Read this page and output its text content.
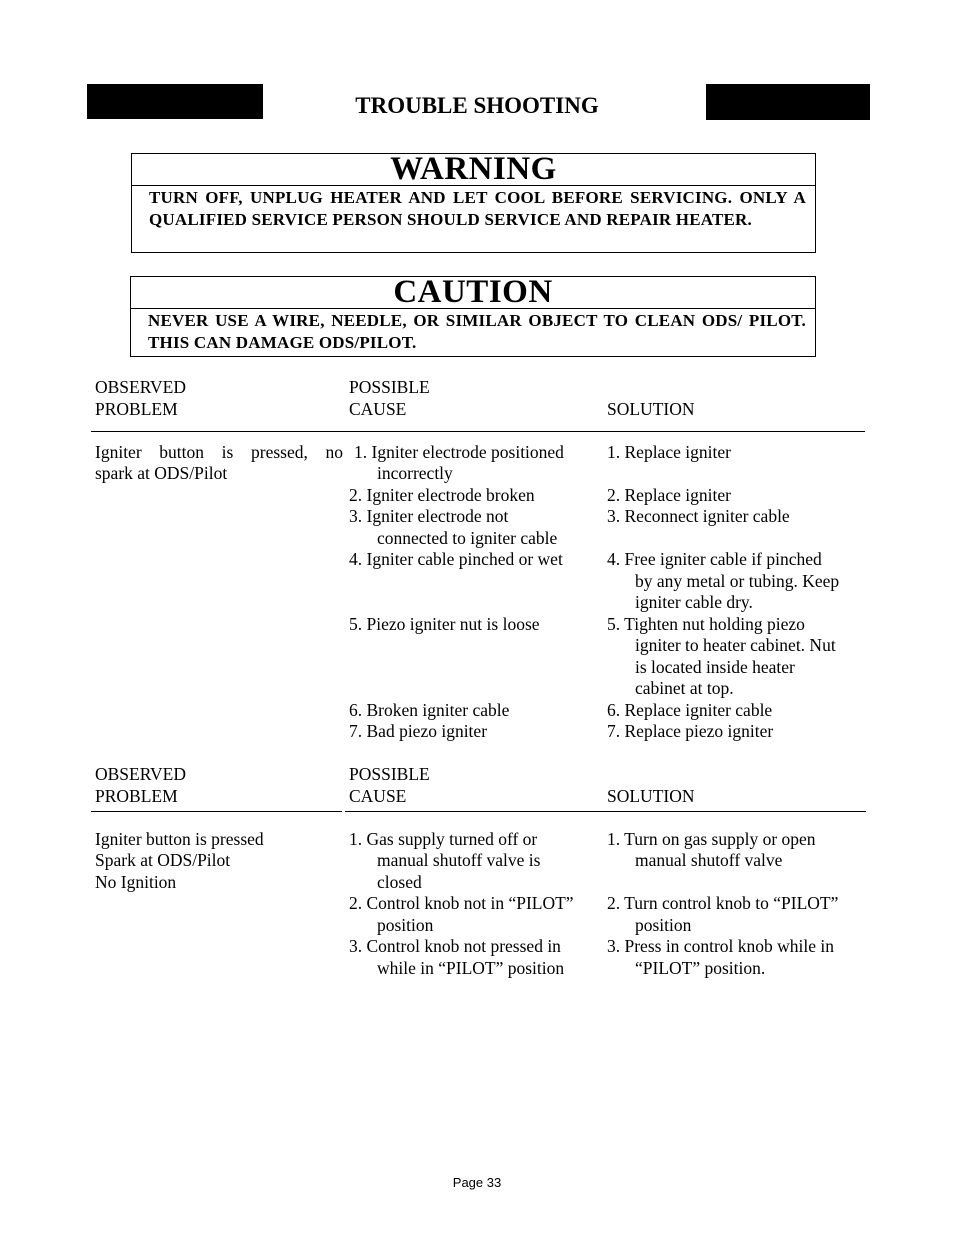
TROUBLE SHOOTING
WARNING
TURN OFF, UNPLUG HEATER AND LET COOL BEFORE SERVICING. ONLY A QUALIFIED SERVICE PERSON SHOULD SERVICE AND REPAIR HEATER.
CAUTION
NEVER USE A WIRE, NEEDLE, OR SIMILAR OBJECT TO CLEAN ODS/ PILOT. THIS CAN DAMAGE ODS/PILOT.
OBSERVED
PROBLEM
POSSIBLE
CAUSE	SOLUTION
Igniter button is pressed, no
spark at ODS/Pilot
1. Igniter electrode positioned
incorrectly
2. Igniter electrode broken
3. Igniter electrode not
connected to igniter cable
4. Igniter cable pinched or wet
5. Piezo igniter nut is loose
6. Broken igniter cable
7. Bad piezo igniter
1. Replace igniter
2. Replace igniter
3. Reconnect igniter cable
4. Free igniter cable if pinched
by any metal or tubing. Keep
igniter cable dry.
5. Tighten nut holding piezo
igniter to heater cabinet. Nut
is located inside heater
cabinet at top.
6. Replace igniter cable
7. Replace piezo igniter
OBSERVED
PROBLEM
POSSIBLE
CAUSE	SOLUTION
Igniter button is pressed
Spark at ODS/Pilot
No Ignition
1. Gas supply turned off or
manual shutoff valve is
closed
2. Control knob not in “PILOT”
position
3. Control knob not pressed in
while in “PILOT” position
1. Turn on gas supply or open
manual shutoff valve
2. Turn control knob to “PILOT”
position
3. Press in control knob while in
“PILOT” position.
Page 33
